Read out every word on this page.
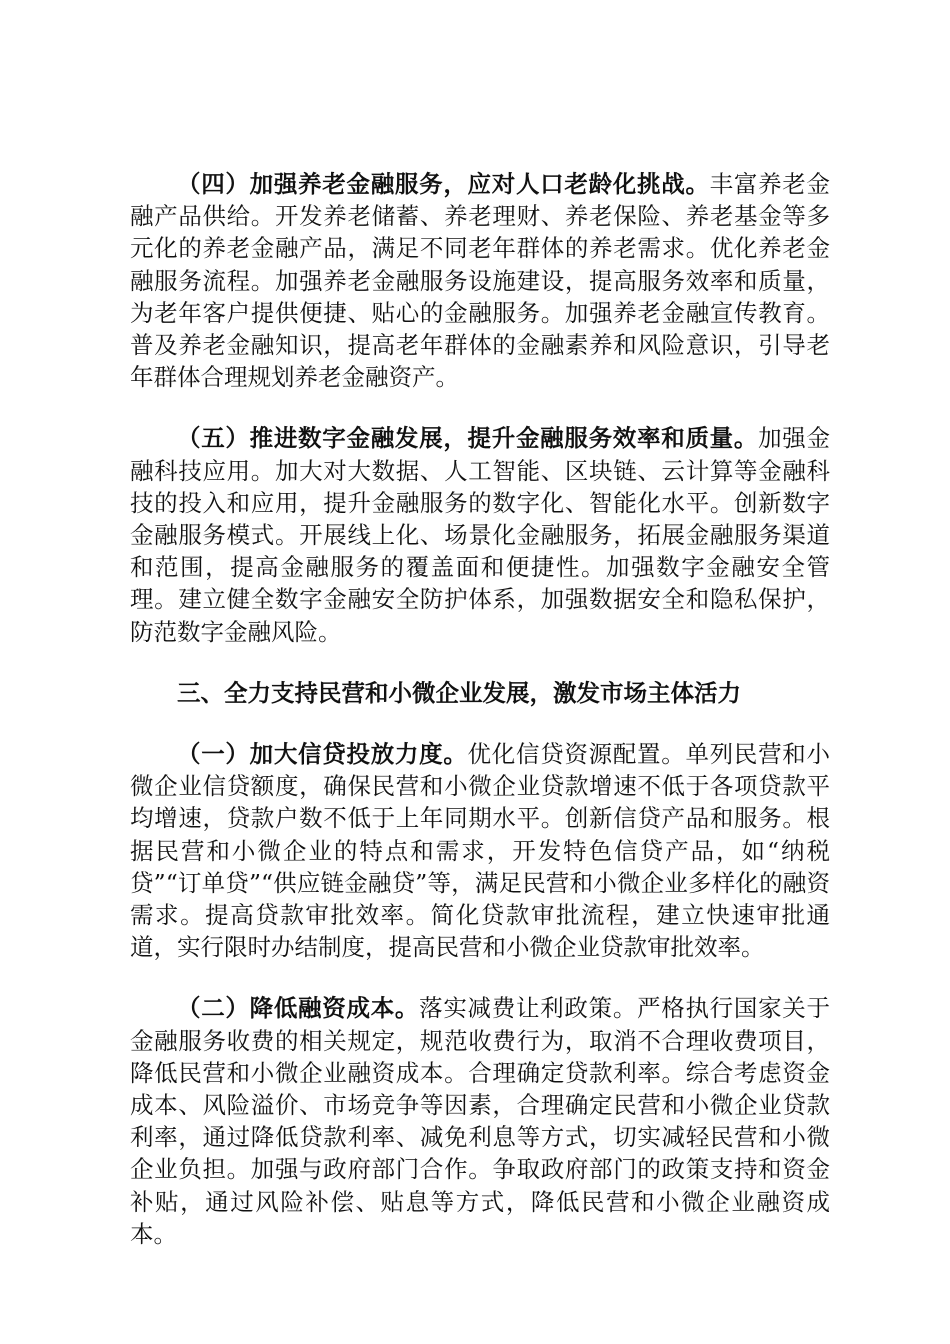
（四）加强养老金融服务，应对人口老龄化挑战。丰富养老金融产品供给。开发养老储蓄、养老理财、养老保险、养老基金等多元化的养老金融产品，满足不同老年群体的养老需求。优化养老金融服务流程。加强养老金融服务设施建设，提高服务效率和质量，为老年客户提供便捷、贴心的金融服务。加强养老金融宣传教育。普及养老金融知识，提高老年群体的金融素养和风险意识，引导老年群体合理规划养老金融资产。

（五）推进数字金融发展，提升金融服务效率和质量。加强金融科技应用。加大对大数据、人工智能、区块链、云计算等金融科技的投入和应用，提升金融服务的数字化、智能化水平。创新数字金融服务模式。开展线上化、场景化金融服务，拓展金融服务渠道和范围，提高金融服务的覆盖面和便捷性。加强数字金融安全管理。建立健全数字金融安全防护体系，加强数据安全和隐私保护，防范数字金融风险。

三、全力支持民营和小微企业发展，激发市场主体活力

（一）加大信贷投放力度。优化信贷资源配置。单列民营和小微企业信贷额度，确保民营和小微企业贷款增速不低于各项贷款平均增速，贷款户数不低于上年同期水平。创新信贷产品和服务。根据民营和小微企业的特点和需求，开发特色信贷产品，如“纳税贷”“订单贷”“供应链金融贷”等，满足民营和小微企业多样化的融资需求。提高贷款审批效率。简化贷款审批流程，建立快速审批通道，实行限时办结制度，提高民营和小微企业贷款审批效率。

（二）降低融资成本。落实减费让利政策。严格执行国家关于金融服务收费的相关规定，规范收费行为，取消不合理收费项目，降低民营和小微企业融资成本。合理确定贷款利率。综合考虑资金成本、风险溢价、市场竞争等因素，合理确定民营和小微企业贷款利率，通过降低贷款利率、减免利息等方式，切实减轻民营和小微企业负担。加强与政府部门合作。争取政府部门的政策支持和资金补贴，通过风险补偿、贴息等方式，降低民营和小微企业融资成本。
